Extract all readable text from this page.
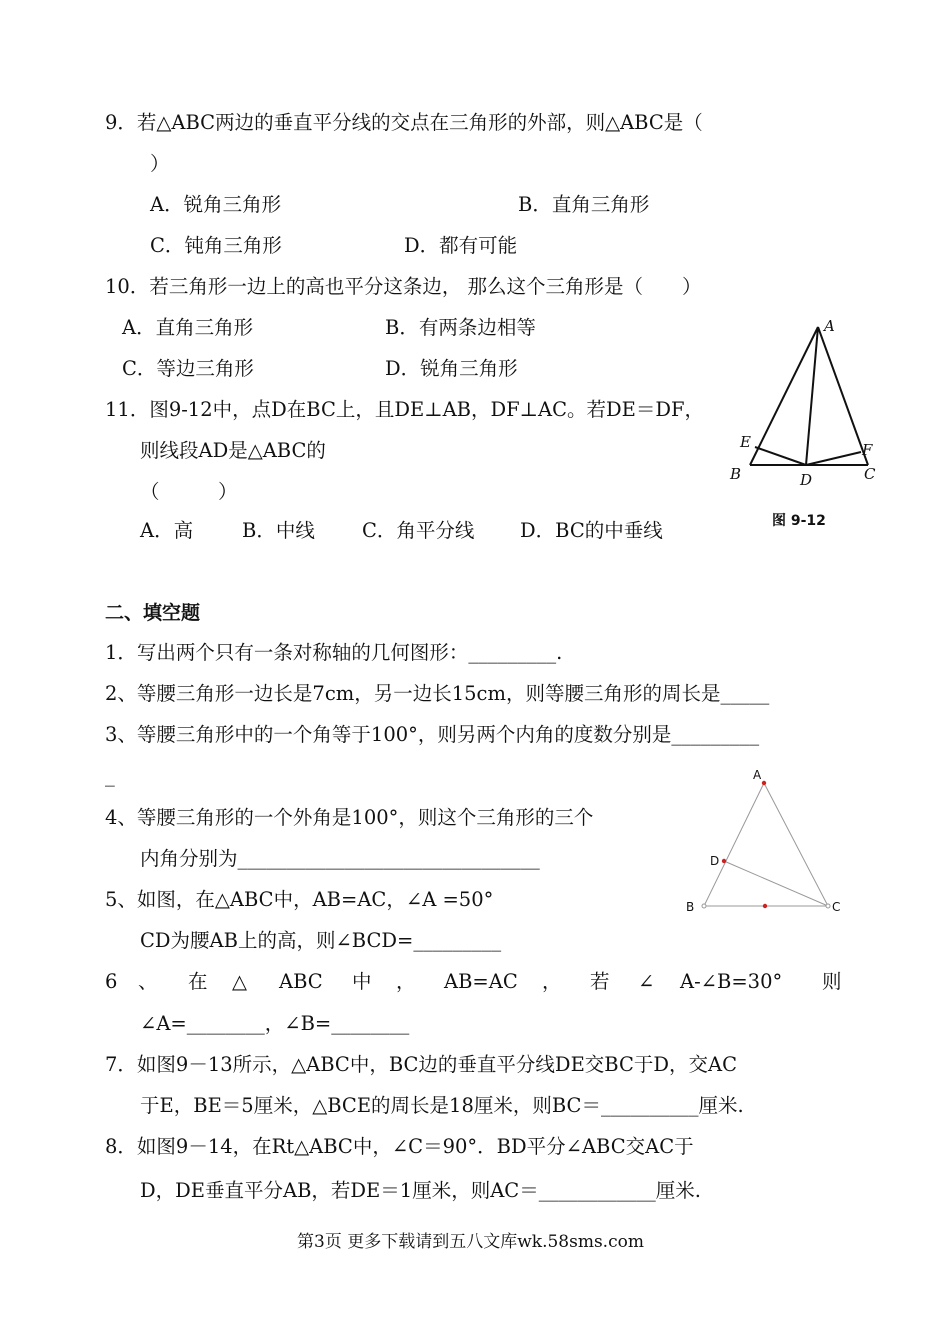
9．若△ABC两边的垂直平分线的交点在三角形的外部，则△ABC是（
）
A．锐角三角形	B．直角三角形
C．钝角三角形	D．都有可能
10．若三角形一边上的高也平分这条边， 那么这个三角形是（　　）
A．直角三角形	B．有两条边相等
C．等边三角形	D．锐角三角形
11．图9-12中，点D在BC上，且DE⊥AB，DF⊥AC。若DE＝DF，
则线段AD是△ABC的
（　　　）
A．高	B．中线 C．角平分线 D．BC的中垂线
A
B	C
D
E	F
图 9-12
二、填空题
1．写出两个只有一条对称轴的几何图形：_________.
2、等腰三角形一边长是7cm，另一边长15cm，则等腰三角形的周长是_____
3、等腰三角形中的一个角等于100°，则另两个内角的度数分别是_________
_
4、等腰三角形的一个外角是100°，则这个三角形的三个
内角分别为_______________________________
5、如图，在△ABC中，AB=AC，∠A =50°
CD为腰AB上的高，则∠BCD=_________
6 、 在 △ ABC 中 ， AB=AC ， 若 ∠ A-∠B=30° 则
∠A=________，∠B=________
7．如图9－13所示，△ABC中，BC边的垂直平分线DE交BC于D，交AC
于E，BE＝5厘米，△BCE的周长是18厘米，则BC＝__________厘米.
8．如图9－14，在Rt△ABC中，∠C＝90°．BD平分∠ABC交AC于
D，DE垂直平分AB，若DE＝1厘米，则AC＝____________厘米.
A
D
B	C
第3页 更多下载请到五八文库wk.58sms.com
